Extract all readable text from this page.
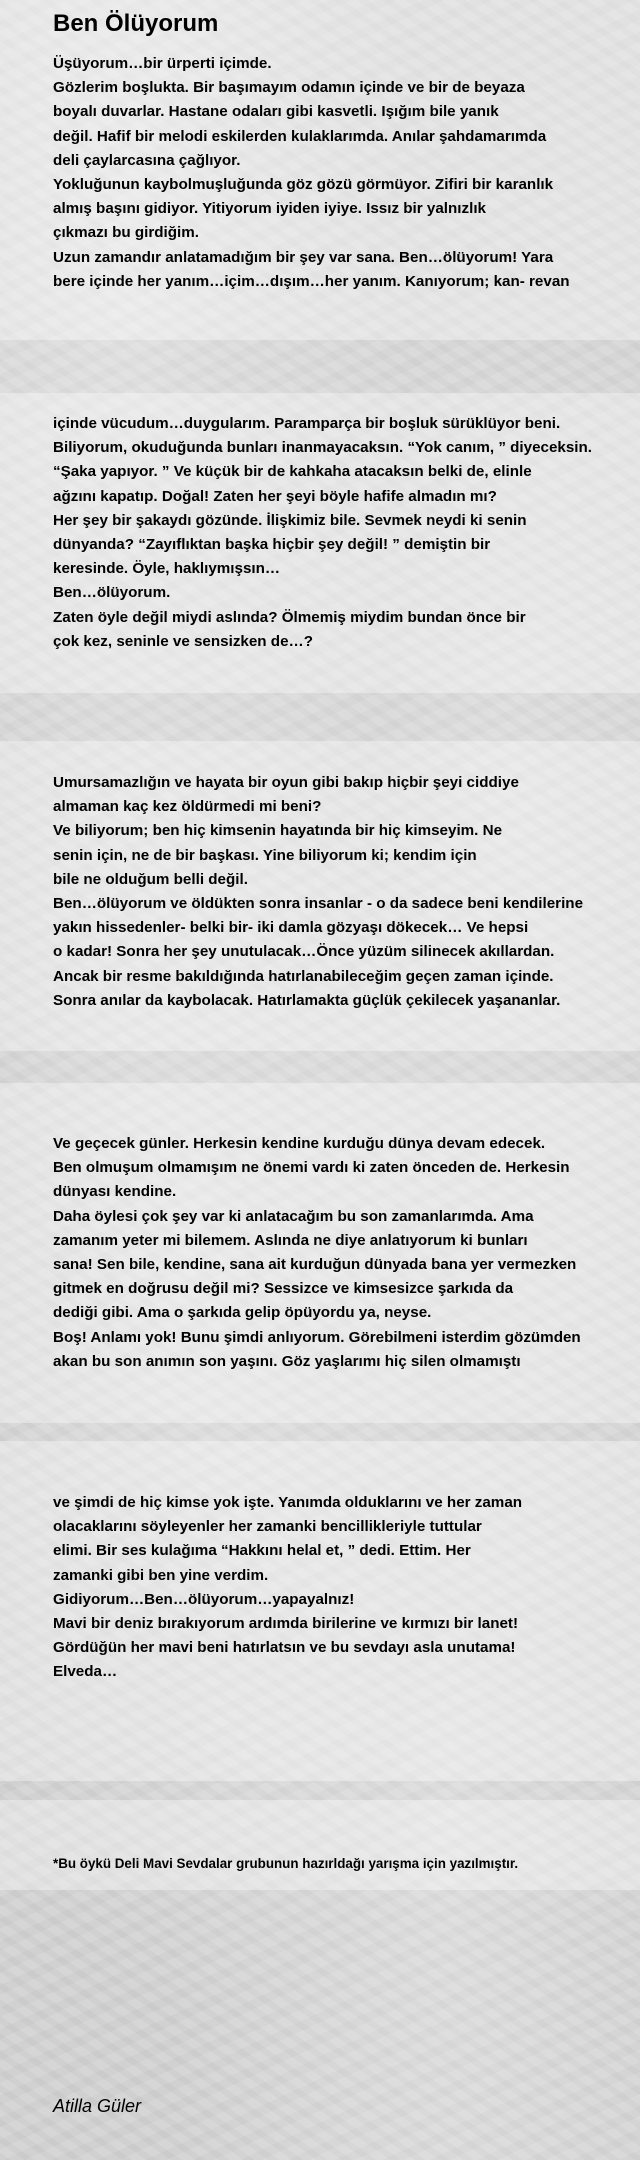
Ben Ölüyorum
Üşüyorum…bir ürperti içimde.
Gözlerim boşlukta. Bir başımayım odamın içinde ve bir de beyaza
boyalı duvarlar. Hastane odaları gibi kasvetli. Işığım bile yanık
değil. Hafif bir melodi eskilerden kulaklarımda. Anılar şahdamarımda
deli çaylarcasına çağlıyor.
Yokluğunun kaybolmuşluğunda göz gözü görmüyor. Zifiri bir karanlık
almış başını gidiyor. Yitiyorum iyiden iyiye. Issız bir yalnızlık
çıkmazı bu girdiğim.
Uzun zamandır anlatamadığım bir şey var sana. Ben…ölüyorum! Yara
bere içinde her yanım…içim…dışım…her yanım. Kanıyorum; kan- revan
içinde vücudum…duygularım. Paramparça bir boşluk sürüklüyor beni.
Biliyorum, okuduğunda bunları inanmayacaksın. “Yok canım, ” diyeceksin.
“Şaka yapıyor. ” Ve küçük bir de kahkaha atacaksın belki de, elinle
ağzını kapatıp. Doğal! Zaten her şeyi böyle hafife almadın mı?
Her şey bir şakaydı gözünde. İlişkimiz bile. Sevmek neydi ki senin
dünyanda? “Zayıflıktan başka hiçbir şey değil! ” demiştin bir
keresinde. Öyle, haklıymışsın…
Ben…ölüyorum.
Zaten öyle değil miydi aslında? Ölmemiş miydim bundan önce bir
çok kez, seninle ve sensizken de…?
Umursamazlığın ve hayata bir oyun gibi bakıp hiçbir şeyi ciddiye
almaman kaç kez öldürmedi mi beni?
Ve biliyorum; ben hiç kimsenin hayatında bir hiç kimseyim. Ne
senin için, ne de bir başkası. Yine biliyorum ki; kendim için
bile ne olduğum belli değil.
Ben…ölüyorum ve öldükten sonra insanlar - o da sadece beni kendilerine
yakın hissedenler- belki bir- iki damla gözyaşı dökecek… Ve hepsi
o kadar! Sonra her şey unutulacak…Önce yüzüm silinecek akıllardan.
Ancak bir resme bakıldığında hatırlanabileceğim geçen zaman içinde.
Sonra anılar da kaybolacak. Hatırlamakta güçlük çekilecek yaşananlar.
Ve geçecek günler. Herkesin kendine kurduğu dünya devam edecek.
Ben olmuşum olmamışım ne önemi vardı ki zaten önceden de. Herkesin
dünyası kendine.
Daha öylesi çok şey var ki anlatacağım bu son zamanlarımda. Ama
zamanım yeter mi bilemem. Aslında ne diye anlatıyorum ki bunları
sana! Sen bile, kendine, sana ait kurduğun dünyada bana yer vermezken
gitmek en doğrusu değil mi? Sessizce ve kimsesizce şarkıda da
dediği gibi. Ama o şarkıda gelip öpüyordu ya, neyse.
Boş! Anlamı yok! Bunu şimdi anlıyorum. Görebilmeni isterdim gözümden
akan bu son anımın son yaşını. Göz yaşlarımı hiç silen olmamıştı
ve şimdi de hiç kimse yok işte. Yanımda olduklarını ve her zaman
olacaklarını söyleyenler her zamanki bencillikleriyle tuttular
elimi. Bir ses kulağıma “Hakkını helal et, ” dedi. Ettim. Her
zamanki gibi ben yine verdim.
Gidiyorum…Ben…ölüyorum…yapayalnız!
Mavi bir deniz bırakıyorum ardımda birilerine ve kırmızı bir lanet!
Gördüğün her mavi beni hatırlatsın ve bu sevdayı asla unutama!
Elveda…
*Bu öykü Deli Mavi Sevdalar grubunun hazırldağı yarışma için yazılmıştır.
Atilla Güler
